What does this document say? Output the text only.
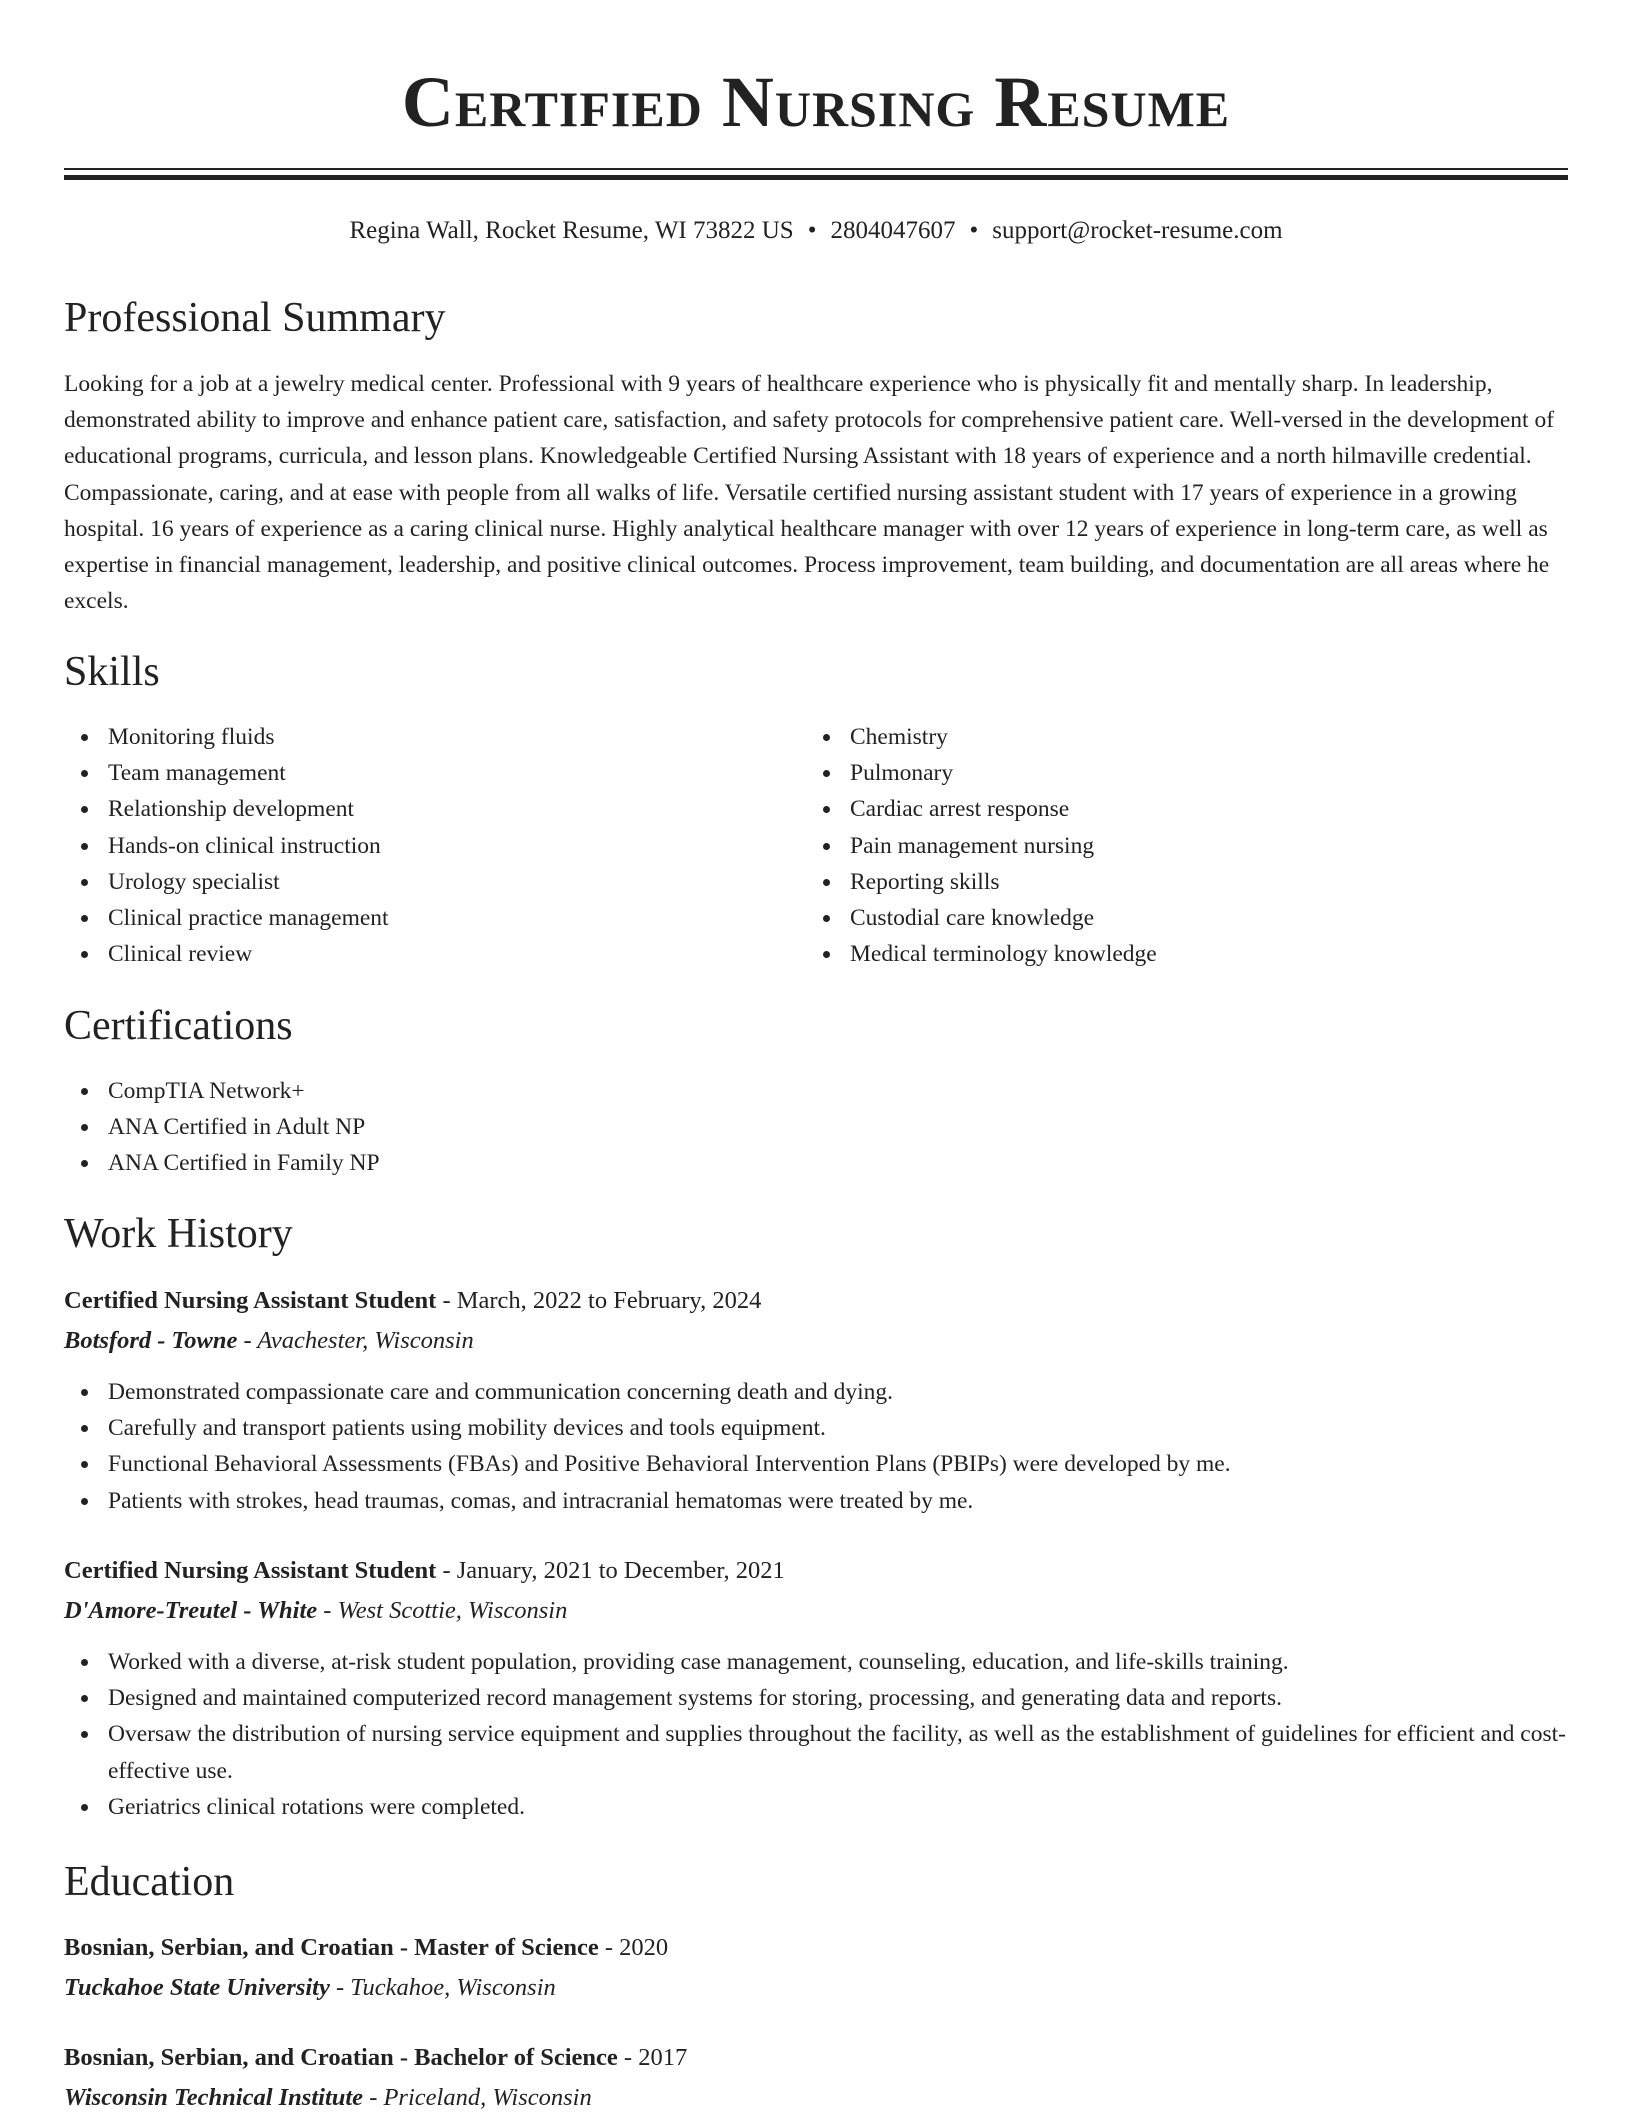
Certified Nursing Resume
Regina Wall, Rocket Resume, WI 73822 US • 2804047607 • support@rocket-resume.com
Professional Summary

Looking for a job at a jewelry medical center. Professional with 9 years of healthcare experience who is physically fit and mentally sharp. In leadership, demonstrated ability to improve and enhance patient care, satisfaction, and safety protocols for comprehensive patient care. Well-versed in the development of educational programs, curricula, and lesson plans. Knowledgeable Certified Nursing Assistant with 18 years of experience and a north hilmaville credential. Compassionate, caring, and at ease with people from all walks of life. Versatile certified nursing assistant student with 17 years of experience in a growing hospital. 16 years of experience as a caring clinical nurse. Highly analytical healthcare manager with over 12 years of experience in long-term care, as well as expertise in financial management, leadership, and positive clinical outcomes. Process improvement, team building, and documentation are all areas where he excels.

Skills
Monitoring fluids
Team management
Relationship development
Hands-on clinical instruction
Urology specialist
Clinical practice management
Clinical review
Chemistry
Pulmonary
Cardiac arrest response
Pain management nursing
Reporting skills
Custodial care knowledge
Medical terminology knowledge
Certifications
CompTIA Network+
ANA Certified in Adult NP
ANA Certified in Family NP
Work History
Certified Nursing Assistant Student - March, 2022 to February, 2024
Botsford - Towne - Avachester, Wisconsin
Demonstrated compassionate care and communication concerning death and dying.
Carefully and transport patients using mobility devices and tools equipment.
Functional Behavioral Assessments (FBAs) and Positive Behavioral Intervention Plans (PBIPs) were developed by me.
Patients with strokes, head traumas, comas, and intracranial hematomas were treated by me.
Certified Nursing Assistant Student - January, 2021 to December, 2021
D'Amore-Treutel - White - West Scottie, Wisconsin
Worked with a diverse, at-risk student population, providing case management, counseling, education, and life-skills training.
Designed and maintained computerized record management systems for storing, processing, and generating data and reports.
Oversaw the distribution of nursing service equipment and supplies throughout the facility, as well as the establishment of guidelines for efficient and cost-effective use.
Geriatrics clinical rotations were completed.
Education
Bosnian, Serbian, and Croatian - Master of Science - 2020
Tuckahoe State University - Tuckahoe, Wisconsin
Bosnian, Serbian, and Croatian - Bachelor of Science - 2017
Wisconsin Technical Institute - Priceland, Wisconsin
